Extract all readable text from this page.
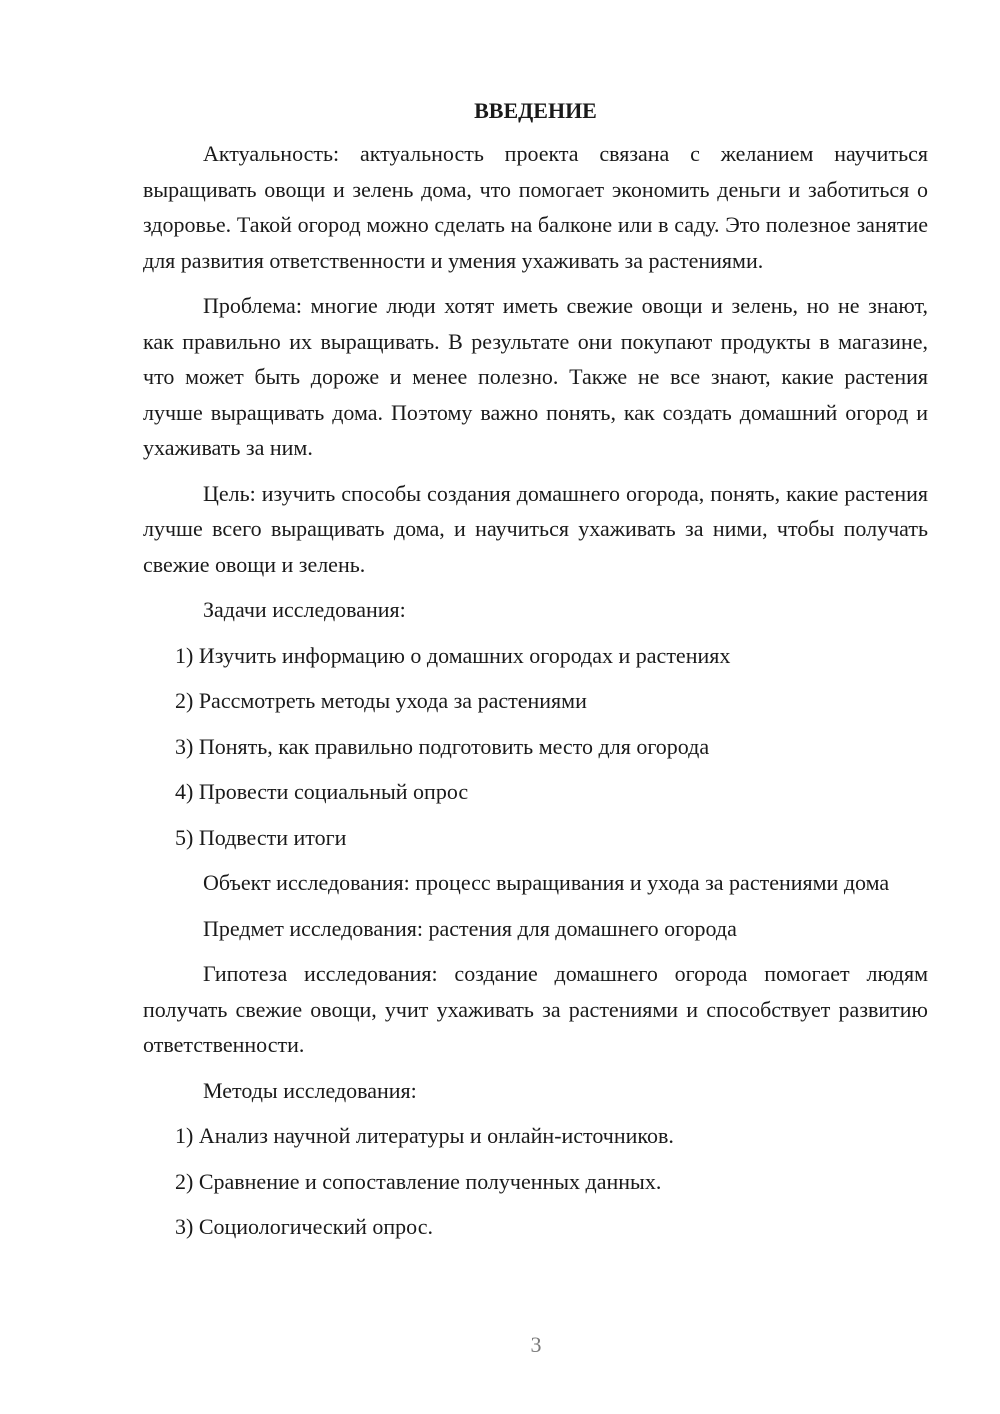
ВВЕДЕНИЕ
Актуальность: актуальность проекта связана с желанием научиться выращивать овощи и зелень дома, что помогает экономить деньги и заботиться о здоровье. Такой огород можно сделать на балконе или в саду. Это полезное занятие для развития ответственности и умения ухаживать за растениями.
Проблема: многие люди хотят иметь свежие овощи и зелень, но не знают, как правильно их выращивать. В результате они покупают продукты в магазине, что может быть дороже и менее полезно. Также не все знают, какие растения лучше выращивать дома. Поэтому важно понять, как создать домашний огород и ухаживать за ним.
Цель: изучить способы создания домашнего огорода, понять, какие растения лучше всего выращивать дома, и научиться ухаживать за ними, чтобы получать свежие овощи и зелень.
Задачи исследования:
1) Изучить информацию о домашних огородах и растениях
2) Рассмотреть методы ухода за растениями
3) Понять, как правильно подготовить место для огорода
4) Провести социальный опрос
5) Подвести итоги
Объект исследования: процесс выращивания и ухода за растениями дома
Предмет исследования: растения для домашнего огорода
Гипотеза исследования: создание домашнего огорода помогает людям получать свежие овощи, учит ухаживать за растениями и способствует развитию ответственности.
Методы исследования:
1) Анализ научной литературы и онлайн-источников.
2) Сравнение и сопоставление полученных данных.
3) Социологический опрос.
3
